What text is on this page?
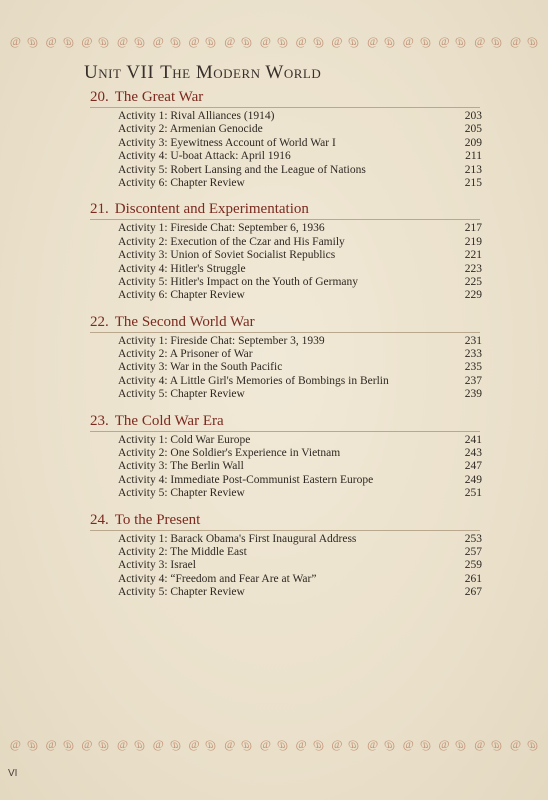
@ @ @ @ @ @ @ @ @ @ @ @ @ @ @ @ @ @ @ @ @ @ @ @ @ @ @ @ @ @
Unit VII The Modern World
20. The Great War
Activity 1: Rival Alliances (1914)	203
Activity 2: Armenian Genocide	205
Activity 3: Eyewitness Account of World War I	209
Activity 4: U-boat Attack: April 1916	211
Activity 5: Robert Lansing and the League of Nations	213
Activity 6: Chapter Review	215
21. Discontent and Experimentation
Activity 1: Fireside Chat: September 6, 1936	217
Activity 2: Execution of the Czar and His Family	219
Activity 3: Union of Soviet Socialist Republics	221
Activity 4: Hitler's Struggle	223
Activity 5: Hitler's Impact on the Youth of Germany	225
Activity 6: Chapter Review	229
22. The Second World War
Activity 1: Fireside Chat: September 3, 1939	231
Activity 2: A Prisoner of War	233
Activity 3: War in the South Pacific	235
Activity 4: A Little Girl's Memories of Bombings in Berlin	237
Activity 5: Chapter Review	239
23. The Cold War Era
Activity 1: Cold War Europe	241
Activity 2: One Soldier's Experience in Vietnam	243
Activity 3: The Berlin Wall	247
Activity 4: Immediate Post-Communist Eastern Europe	249
Activity 5: Chapter Review	251
24. To the Present
Activity 1: Barack Obama's First Inaugural Address	253
Activity 2: The Middle East	257
Activity 3: Israel	259
Activity 4: “Freedom and Fear Are at War”	261
Activity 5: Chapter Review	267
@ @ @ @ @ @ @ @ @ @ @ @ @ @ @ @ @ @ @ @ @ @ @ @ @ @ @ @ @ @
VI
